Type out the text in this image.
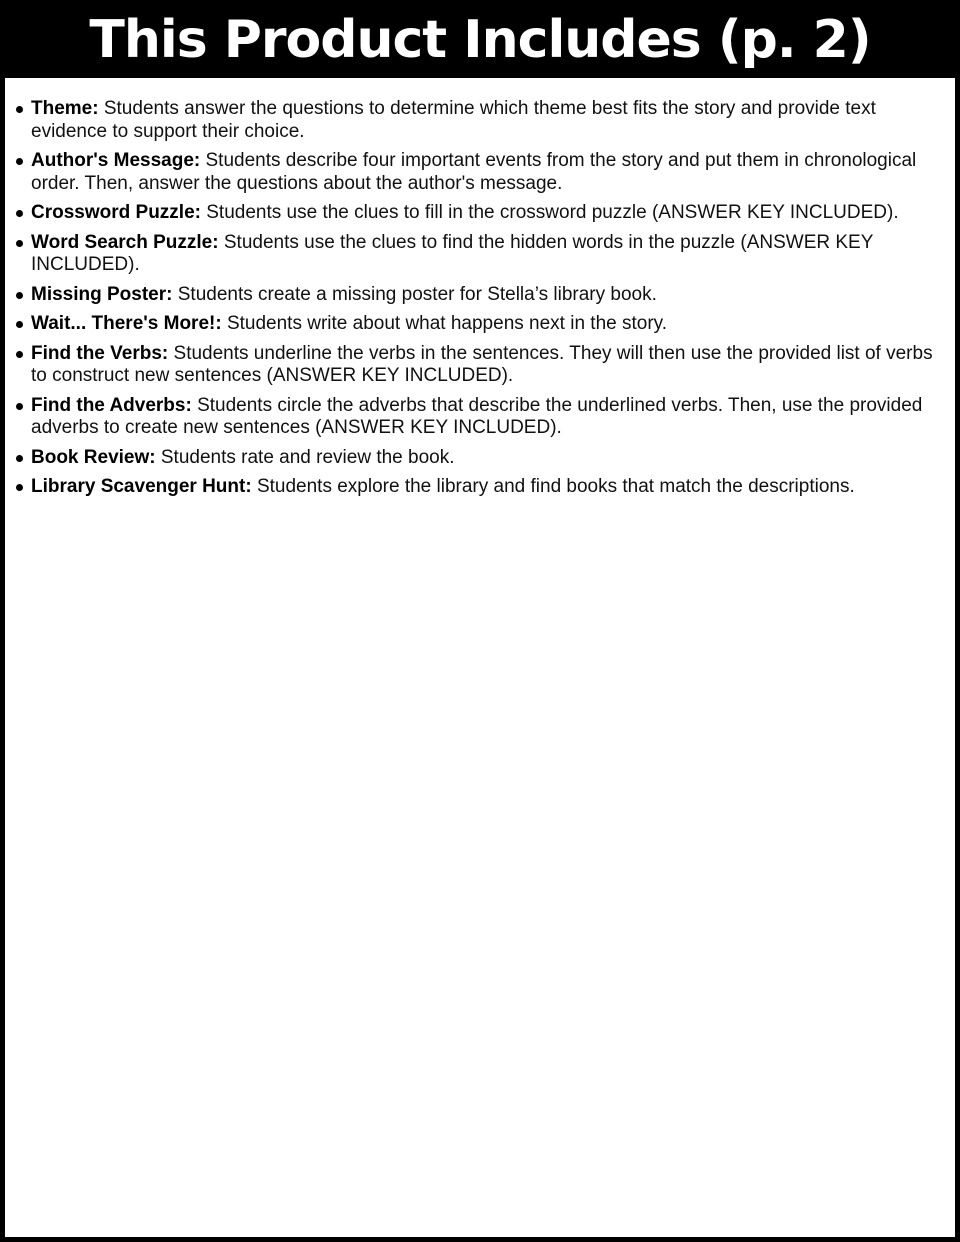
This Product Includes (p. 2)
Theme: Students answer the questions to determine which theme best fits the story and provide text evidence to support their choice.
Author's Message: Students describe four important events from the story and put them in chronological order. Then, answer the questions about the author's message.
Crossword Puzzle: Students use the clues to fill in the crossword puzzle (ANSWER KEY INCLUDED).
Word Search Puzzle: Students use the clues to find the hidden words in the puzzle (ANSWER KEY INCLUDED).
Missing Poster: Students create a missing poster for Stella’s library book.
Wait... There's More!: Students write about what happens next in the story.
Find the Verbs: Students underline the verbs in the sentences. They will then use the provided list of verbs to construct new sentences (ANSWER KEY INCLUDED).
Find the Adverbs: Students circle the adverbs that describe the underlined verbs. Then, use the provided adverbs to create new sentences (ANSWER KEY INCLUDED).
Book Review: Students rate and review the book.
Library Scavenger Hunt: Students explore the library and find books that match the descriptions.
